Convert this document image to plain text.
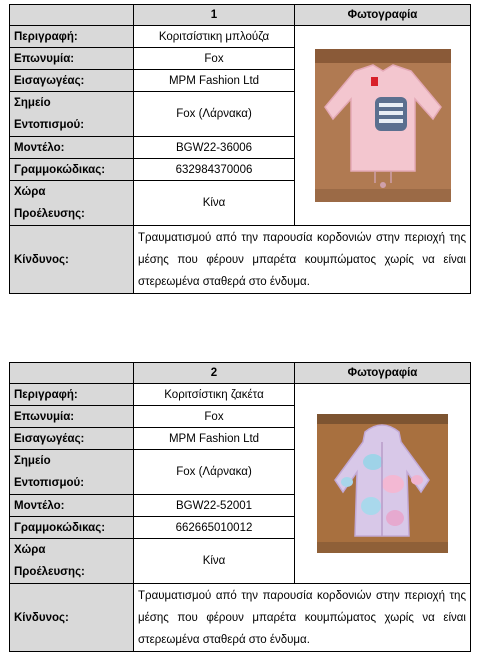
	1	Φωτογραφία
Περιγραφή:	Κοριτσίστικη μπλούζα	

Επωνυμία:	Fox	
Εισαγωγέας:	MPM Fashion Ltd	

Σημείο
Εντοπισμού:	Fox (Λάρνακα)	
Μοντέλο:	BGW22-36006	
Γραμμοκώδικας:	632984370006	

Χώρα
Προέλευσης:	Κίνα	
Κίνδυνος:	Τραυματισμού από την παρουσία κορδονιών στην περιοχή της μέσης που φέρουν μπαρέτα κουμπώματος χωρίς να είναι στερεωμένα σταθερά στο ένδυμα.	
	2	Φωτογραφία
Περιγραφή:	Κοριτσίστικη ζακέτα	

Επωνυμία:	Fox	
Εισαγωγέας:	MPM Fashion Ltd	

Σημείο
Εντοπισμού:	Fox (Λάρνακα)	
Μοντέλο:	BGW22-52001	
Γραμμοκώδικας:	662665010012	

Χώρα
Προέλευσης:	Κίνα	
Κίνδυνος:	Τραυματισμού από την παρουσία κορδονιών στην περιοχή της μέσης που φέρουν μπαρέτα κουμπώματος χωρίς να είναι στερεωμένα σταθερά στο ένδυμα.	
